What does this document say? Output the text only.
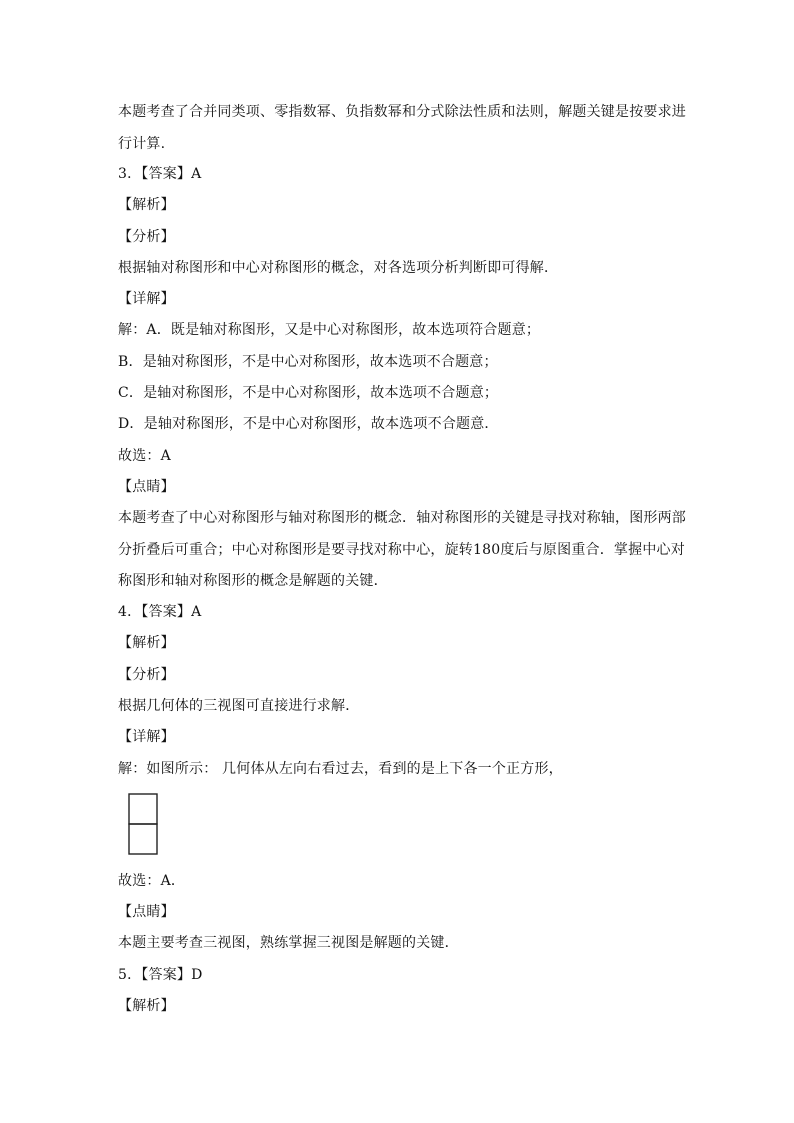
本题考查了合并同类项、零指数幂、负指数幂和分式除法性质和法则，解题关键是按要求进
行计算.
3．【答案】A
【解析】
【分析】
根据轴对称图形和中心对称图形的概念，对各选项分析判断即可得解．
【详解】
解：A．既是轴对称图形，又是中心对称图形，故本选项符合题意；
B．是轴对称图形，不是中心对称图形，故本选项不合题意；
C．是轴对称图形，不是中心对称图形，故本选项不合题意；
D．是轴对称图形，不是中心对称图形，故本选项不合题意．
故选：A
【点睛】
本题考查了中心对称图形与轴对称图形的概念．轴对称图形的关键是寻找对称轴，图形两部
分折叠后可重合；中心对称图形是要寻找对称中心，旋转180度后与原图重合．掌握中心对
称图形和轴对称图形的概念是解题的关键．
4．【答案】A
【解析】
【分析】
根据几何体的三视图可直接进行求解．
【详解】
解：如图所示： 几何体从左向右看过去，看到的是上下各一个正方形，
故选：A．
【点睛】
本题主要考查三视图，熟练掌握三视图是解题的关键．
5．【答案】D
【解析】
